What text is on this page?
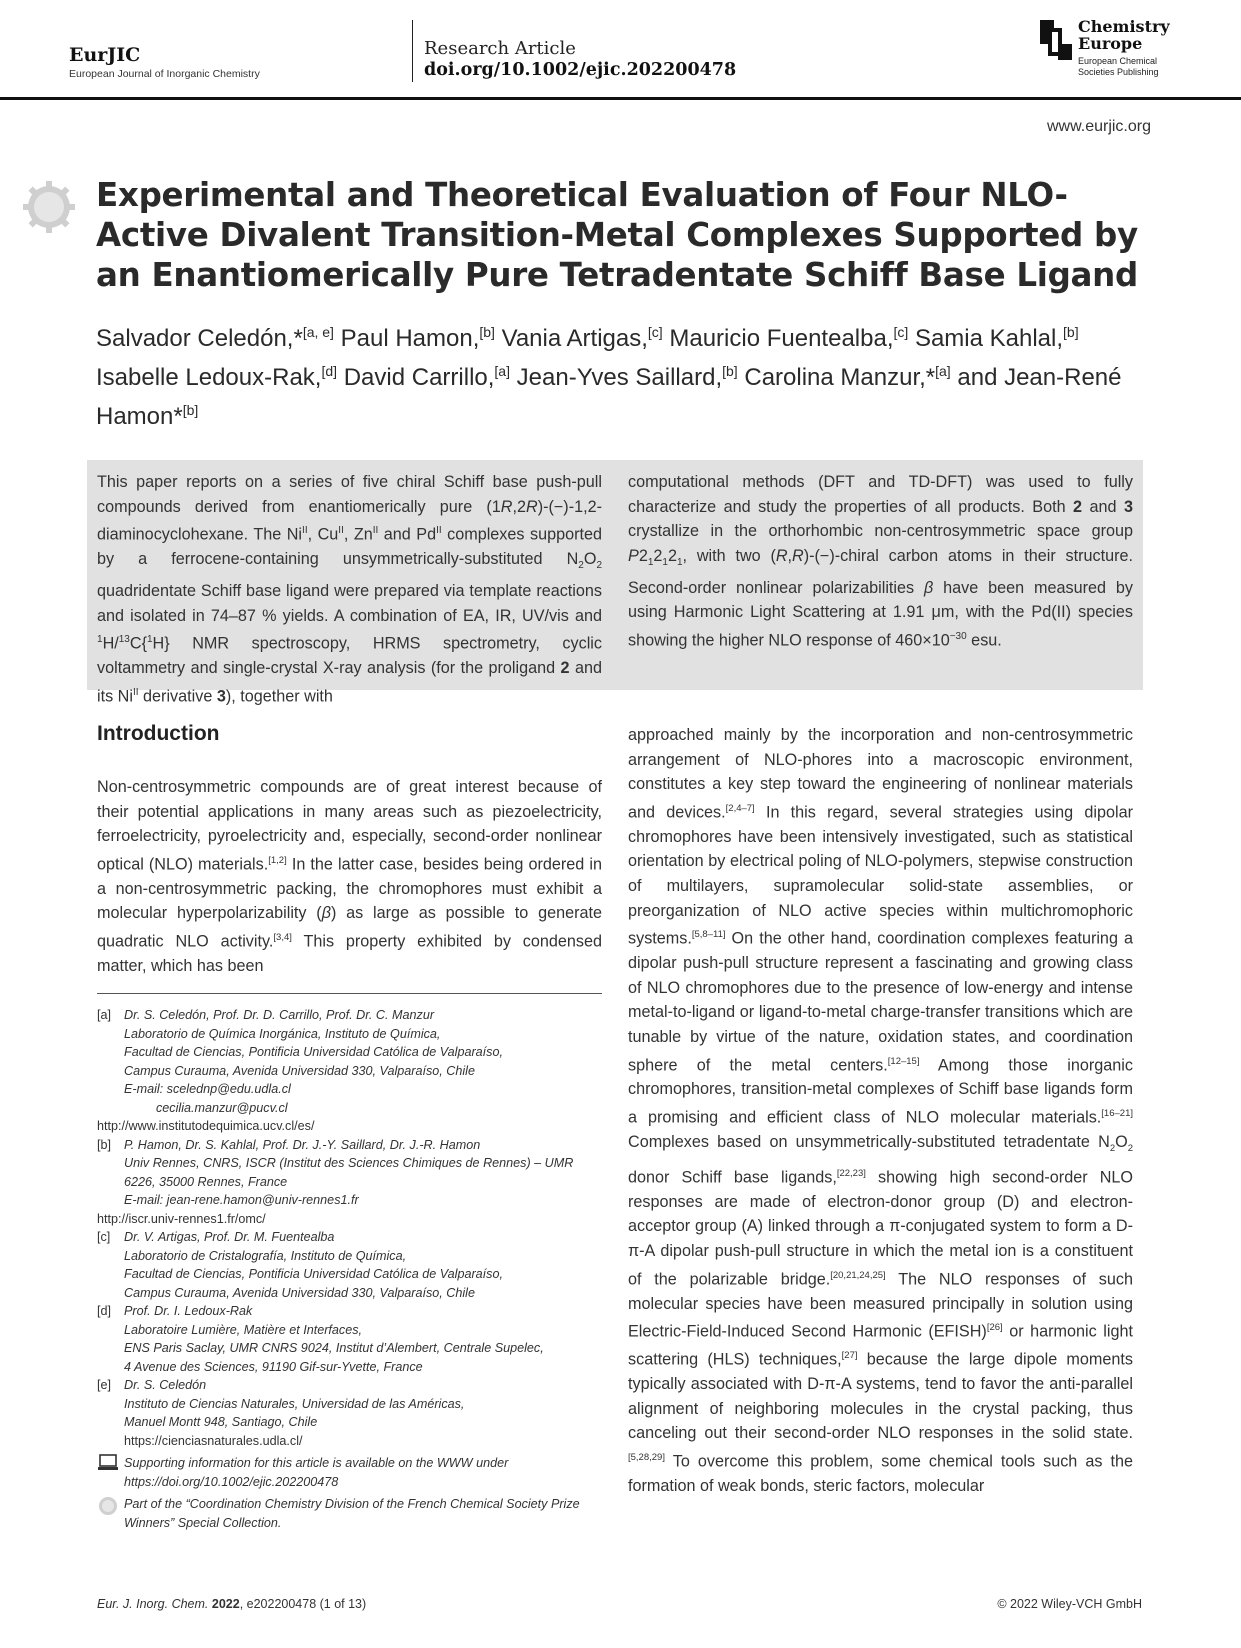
EurJIC
European Journal of Inorganic Chemistry
Research Article
doi.org/10.1002/ejic.202200478
Chemistry
Europe
European Chemical
Societies Publishing
www.eurjic.org
Experimental and Theoretical Evaluation of Four NLO-Active Divalent Transition-Metal Complexes Supported by an Enantiomerically Pure Tetradentate Schiff Base Ligand

Salvador Celedón,*[a, e] Paul Hamon,[b] Vania Artigas,[c] Mauricio Fuentealba,[c] Samia Kahlal,[b] Isabelle Ledoux-Rak,[d] David Carrillo,[a] Jean-Yves Saillard,[b] Carolina Manzur,*[a] and Jean-René Hamon*[b]

This paper reports on a series of five chiral Schiff base push-pull compounds derived from enantiomerically pure (1R,2R)-(−)-1,2-diaminocyclohexane. The $Ni^{II}$, $Cu^{II}$, $Zn^{II}$ and $Pd^{II}$ complexes supported by a ferrocene-containing unsymmetrically-substituted $N_2O_2$ quadridentate Schiff base ligand were prepared via template reactions and isolated in 74–87 % yields. A combination of EA, IR, UV/vis and $^1$H/$^{13}$C{$^1$H} NMR spectroscopy, HRMS spectrometry, cyclic voltammetry and single-crystal X-ray analysis (for the proligand 2 and its $Ni^{II}$ derivative 3), together with

computational methods (DFT and TD-DFT) was used to fully characterize and study the properties of all products. Both 2 and 3 crystallize in the orthorhombic non-centrosymmetric space group $P2_12_12_1$, with two (R,R)-(−)-chiral carbon atoms in their structure. Second-order nonlinear polarizabilities β have been measured by using Harmonic Light Scattering at 1.91 μm, with the Pd(II) species showing the higher NLO response of $460\times 10^{-30}$ esu.

Introduction

Non-centrosymmetric compounds are of great interest because of their potential applications in many areas such as piezoelectricity, ferroelectricity, pyroelectricity and, especially, second-order nonlinear optical (NLO) materials.[1,2] In the latter case, besides being ordered in a non-centrosymmetric packing, the chromophores must exhibit a molecular hyperpolarizability (β) as large as possible to generate quadratic NLO activity.[3,4] This property exhibited by condensed matter, which has been

approached mainly by the incorporation and non-centrosymmetric arrangement of NLO-phores into a macroscopic environment, constitutes a key step toward the engineering of nonlinear materials and devices.[2,4–7] In this regard, several strategies using dipolar chromophores have been intensively investigated, such as statistical orientation by electrical poling of NLO-polymers, stepwise construction of multilayers, supramolecular solid-state assemblies, or preorganization of NLO active species within multichromophoric systems.[5,8–11] On the other hand, coordination complexes featuring a dipolar push-pull structure represent a fascinating and growing class of NLO chromophores due to the presence of low-energy and intense metal-to-ligand or ligand-to-metal charge-transfer transitions which are tunable by virtue of the nature, oxidation states, and coordination sphere of the metal centers.[12–15] Among those inorganic chromophores, transition-metal complexes of Schiff base ligands form a promising and efficient class of NLO molecular materials.[16–21] Complexes based on unsymmetrically-substituted tetradentate $N_2O_2$ donor Schiff base ligands,[22,23] showing high second-order NLO responses are made of electron-donor group (D) and electron-acceptor group (A) linked through a π-conjugated system to form a D-π-A dipolar push-pull structure in which the metal ion is a constituent of the polarizable bridge.[20,21,24,25] The NLO responses of such molecular species have been measured principally in solution using Electric-Field-Induced Second Harmonic (EFISH)[26] or harmonic light scattering (HLS) techniques,[27] because the large dipole moments typically associated with D-π-A systems, tend to favor the anti-parallel alignment of neighboring molecules in the crystal packing, thus canceling out their second-order NLO responses in the solid state.[5,28,29] To overcome this problem, some chemical tools such as the formation of weak bonds, steric factors, molecular

[a]	Dr. S. Celedón, Prof. Dr. D. Carrillo, Prof. Dr. C. Manzur
Laboratorio de Química Inorgánica, Instituto de Química,
Facultad de Ciencias, Pontificia Universidad Católica de Valparaíso,
Campus Curauma, Avenida Universidad 330, Valparaíso, Chile
E-mail: sceledn​p@edu.udla.cl
cecilia.manzur@pucv.cl
http://www.institutodequimica.ucv.cl/es/
[b]	P. Hamon, Dr. S. Kahlal, Prof. Dr. J.-Y. Saillard, Dr. J.-R. Hamon
Univ Rennes, CNRS, ISCR (Institut des Sciences Chimiques de Rennes) – UMR 6226, 35000 Rennes, France
E-mail: jean-rene.hamon@univ-rennes1.fr
http://iscr.univ-rennes1.fr/omc/
[c]	Dr. V. Artigas, Prof. Dr. M. Fuentealba
Laboratorio de Cristalografía, Instituto de Química,
Facultad de Ciencias, Pontificia Universidad Católica de Valparaíso,
Campus Curauma, Avenida Universidad 330, Valparaíso, Chile
[d]	Prof. Dr. I. Ledoux-Rak
Laboratoire Lumière, Matière et Interfaces,
ENS Paris Saclay, UMR CNRS 9024, Institut d’Alembert, Centrale Supelec,
4 Avenue des Sciences, 91190 Gif-sur-Yvette, France
[e]	Dr. S. Celedón
Instituto de Ciencias Naturales, Universidad de las Américas,
Manuel Montt 948, Santiago, Chile
https://cienciasnaturales.udla.cl/
Supporting information for this article is available on the WWW under https://doi.org/10.1002/ejic.202200478
Part of the “Coordination Chemistry Division of the French Chemical Society Prize Winners” Special Collection.
Eur. J. Inorg. Chem. 2022, e202200478 (1 of 13)	© 2022 Wiley-VCH GmbH
